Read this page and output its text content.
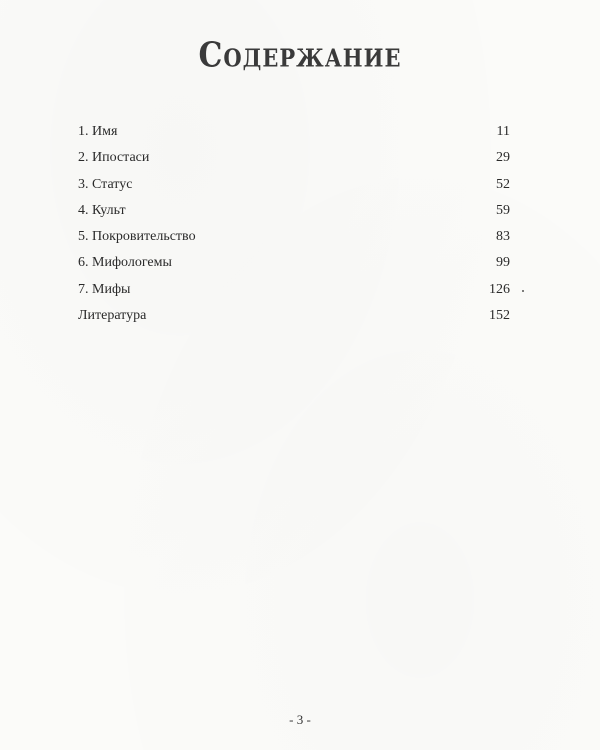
Содержание
1. Имя	11
2. Ипостаси	29
3. Статус	52
4. Культ	59
5. Покровительство	83
6. Мифологемы	99
7. Мифы	126
Литература	152
- 3 -
